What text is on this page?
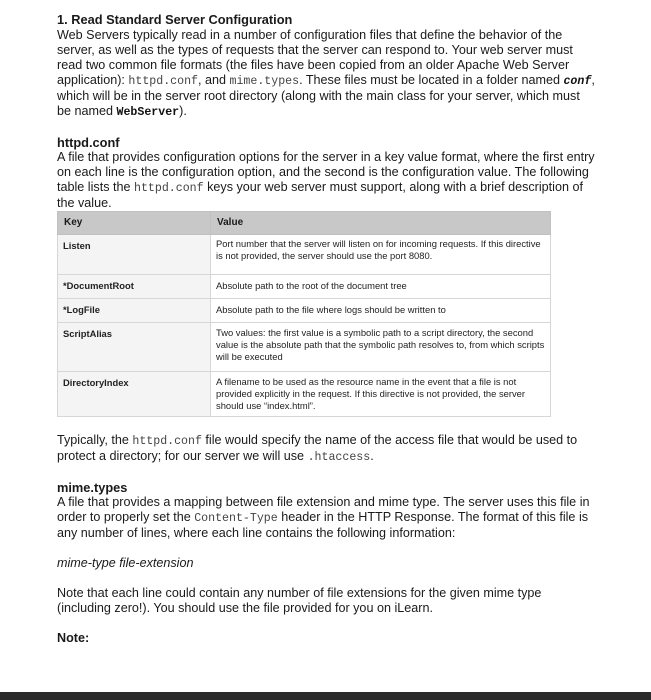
1. Read Standard Server Configuration

Web Servers typically read in a number of configuration files that define the behavior of the server, as well as the types of requests that the server can respond to. Your web server must read two common file formats (the files have been copied from an older Apache Web Server application): httpd.conf, and mime.types. These files must be located in a folder named conf, which will be in the server root directory (along with the main class for your server, which must be named WebServer).

httpd.conf

A file that provides configuration options for the server in a key value format, where the first entry on each line is the configuration option, and the second is the configuration value. The following table lists the httpd.conf keys your web server must support, along with a brief description of the value.

Key	Value
Listen	Port number that the server will listen on for incoming requests. If this directive is not provided, the server should use the port 8080.
*DocumentRoot	Absolute path to the root of the document tree
*LogFile	Absolute path to the file where logs should be written to
ScriptAlias	Two values: the first value is a symbolic path to a script directory, the second value is the absolute path that the symbolic path resolves to, from which scripts will be executed
DirectoryIndex	A filename to be used as the resource name in the event that a file is not provided explicitly in the request. If this directive is not provided, the server should use “index.html”.

Typically, the httpd.conf file would specify the name of the access file that would be used to protect a directory; for our server we will use .htaccess.

mime.types

A file that provides a mapping between file extension and mime type. The server uses this file in order to properly set the Content-Type header in the HTTP Response. The format of this file is any number of lines, where each line contains the following information:

mime-type file-extension

Note that each line could contain any number of file extensions for the given mime type (including zero!). You should use the file provided for you on iLearn.

Note:
